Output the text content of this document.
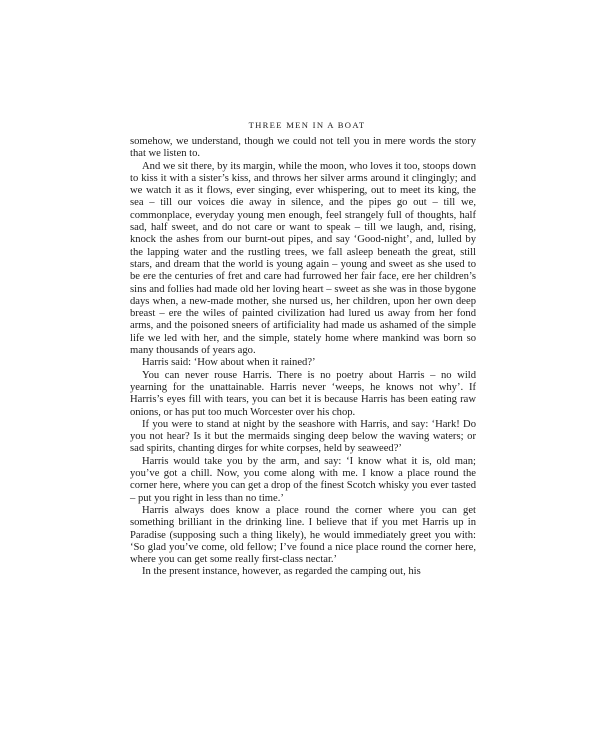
THREE MEN IN A BOAT

somehow, we understand, though we could not tell you in mere words the story that we listen to.

And we sit there, by its margin, while the moon, who loves it too, stoops down to kiss it with a sister’s kiss, and throws her silver arms around it clingingly; and we watch it as it flows, ever singing, ever whispering, out to meet its king, the sea – till our voices die away in silence, and the pipes go out – till we, commonplace, everyday young men enough, feel strangely full of thoughts, half sad, half sweet, and do not care or want to speak – till we laugh, and, rising, knock the ashes from our burnt-out pipes, and say ‘Good-night’, and, lulled by the lapping water and the rustling trees, we fall asleep beneath the great, still stars, and dream that the world is young again – young and sweet as she used to be ere the centuries of fret and care had furrowed her fair face, ere her children’s sins and follies had made old her loving heart – sweet as she was in those bygone days when, a new-made mother, she nursed us, her children, upon her own deep breast – ere the wiles of painted civilization had lured us away from her fond arms, and the poisoned sneers of artificiality had made us ashamed of the simple life we led with her, and the simple, stately home where mankind was born so many thousands of years ago.

Harris said: ‘How about when it rained?’

You can never rouse Harris. There is no poetry about Harris – no wild yearning for the unattainable. Harris never ‘weeps, he knows not why’. If Harris’s eyes fill with tears, you can bet it is because Harris has been eating raw onions, or has put too much Worcester over his chop.

If you were to stand at night by the seashore with Harris, and say: ‘Hark! Do you not hear? Is it but the mermaids singing deep below the waving waters; or sad spirits, chanting dirges for white corpses, held by seaweed?’

Harris would take you by the arm, and say: ‘I know what it is, old man; you’ve got a chill. Now, you come along with me. I know a place round the corner here, where you can get a drop of the finest Scotch whisky you ever tasted – put you right in less than no time.’

Harris always does know a place round the corner where you can get something brilliant in the drinking line. I believe that if you met Harris up in Paradise (supposing such a thing likely), he would immediately greet you with: ‘So glad you’ve come, old fellow; I’ve found a nice place round the corner here, where you can get some really first-class nectar.’

In the present instance, however, as regarded the camping out, his
